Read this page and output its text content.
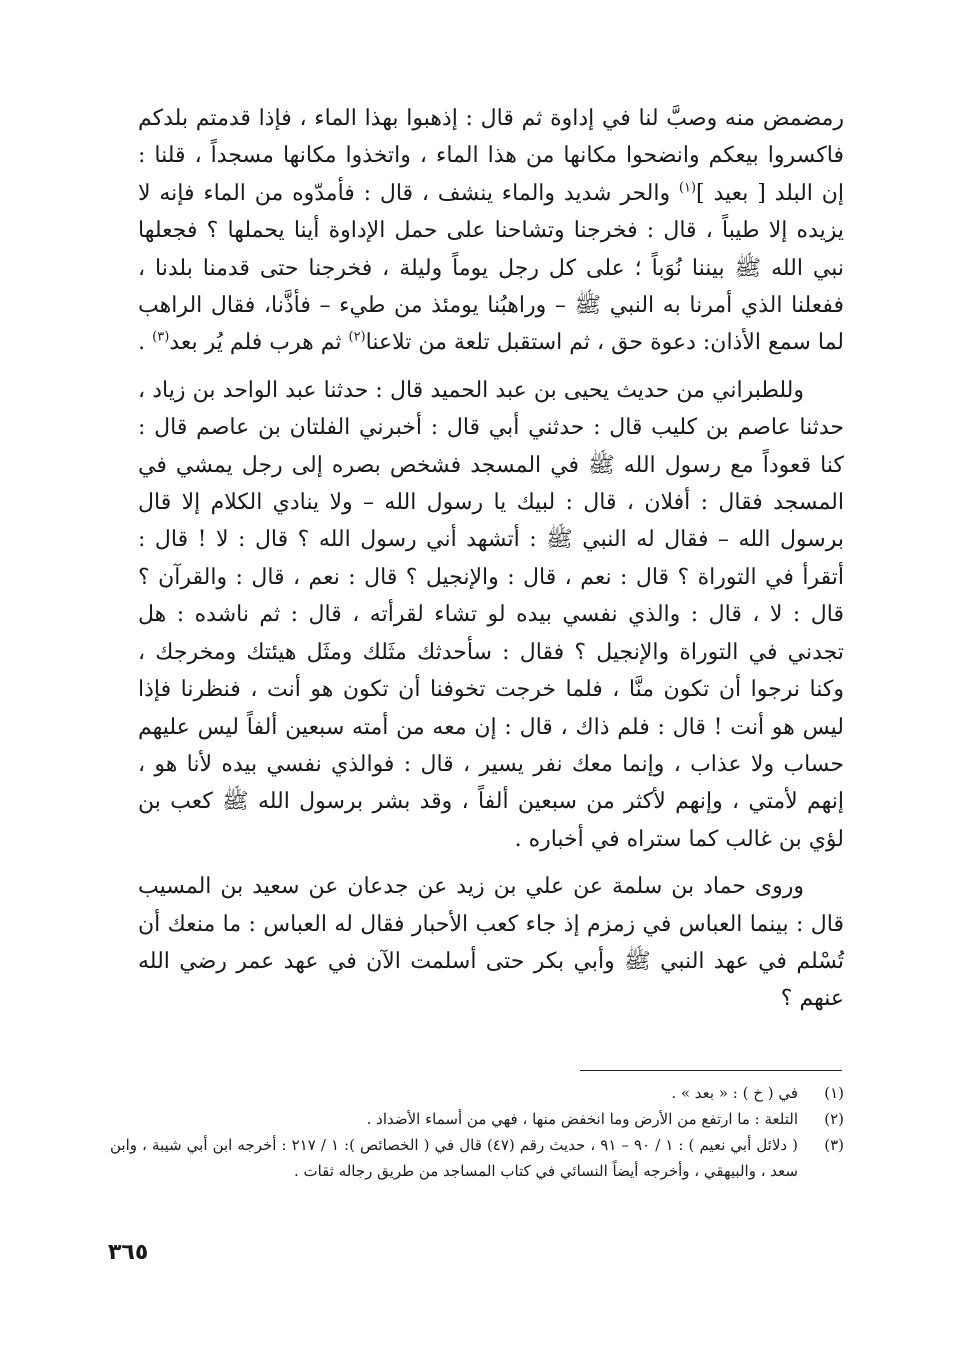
رمضمض منه وصبَّ لنا في إداوة ثم قال : إذهبوا بهذا الماء ، فإذا قدمتم بلدكم فاكسروا بيعكم وانضحوا مكانها من هذا الماء ، واتخذوا مكانها مسجداً ، قلنا : إن البلد [ بعيد ]$^{(١)}$ والحر شديد والماء ينشف ، قال : فأمدّوه من الماء فإنه لا يزيده إلا طيباً ، قال : فخرجنا وتشاحنا على حمل الإداوة أينا يحملها ؟ فجعلها نبي الله ﷺ بيننا نُوَباً ؛ على كل رجل يوماً وليلة ، فخرجنا حتى قدمنا بلدنا ، ففعلنا الذي أمرنا به النبي ﷺ – وراهبُنا يومئذ من طيء – فأذَّنا، فقال الراهب لما سمع الأذان: دعوة حق ، ثم استقبل تلعة من تلاعنا$^{(٢)}$ ثم هرب فلم يُر بعد$^{(٣)}$ .

وللطبراني من حديث يحيى بن عبد الحميد قال : حدثنا عبد الواحد بن زياد ، حدثنا عاصم بن كليب قال : حدثني أبي قال : أخبرني الفلتان بن عاصم قال : كنا قعوداً مع رسول الله ﷺ في المسجد فشخص بصره إلى رجل يمشي في المسجد فقال : أفلان ، قال : لبيك يا رسول الله – ولا ينادي الكلام إلا قال برسول الله – فقال له النبي ﷺ : أتشهد أني رسول الله ؟ قال : لا ! قال : أتقرأ في التوراة ؟ قال : نعم ، قال : والإنجيل ؟ قال : نعم ، قال : والقرآن ؟ قال : لا ، قال : والذي نفسي بيده لو تشاء لقرأته ، قال : ثم ناشده : هل تجدني في التوراة والإنجيل ؟ فقال : سأحدثك مثَلك ومثَل هيئتك ومخرجك ، وكنا نرجوا أن تكون منَّا ، فلما خرجت تخوفنا أن تكون هو أنت ، فنظرنا فإذا ليس هو أنت ! قال : فلم ذاك ، قال : إن معه من أمته سبعين ألفاً ليس عليهم حساب ولا عذاب ، وإنما معك نفر يسير ، قال : فوالذي نفسي بيده لأنا هو ، إنهم لأمتي ، وإنهم لأكثر من سبعين ألفاً ، وقد بشر برسول الله ﷺ كعب بن لؤي بن غالب كما ستراه في أخباره .

وروى حماد بن سلمة عن علي بن زيد عن جدعان عن سعيد بن المسيب قال : بينما العباس في زمزم إذ جاء كعب الأحبار فقال له العباس : ما منعك أن تُسْلم في عهد النبي ﷺ وأبي بكر حتى أسلمت الآن في عهد عمر رضي الله عنهم ؟

(١)
في ( خ ) : « بعد » .
(٢)
التلعة : ما ارتفع من الأرض وما انخفض منها ، فهي من أسماء الأضداد .
(٣)
( دلائل أبي نعيم ) : ١ / ٩٠ – ٩١ ، حديث رقم (٤٧) قال في ( الخصائص ): ١ / ٢١٧ : أخرجه ابن أبي شيبة ، وابن سعد ، والبيهقي ، وأخرجه أيضاً النسائي في كتاب المساجد من طريق رجاله ثقات .
٣٦٥
